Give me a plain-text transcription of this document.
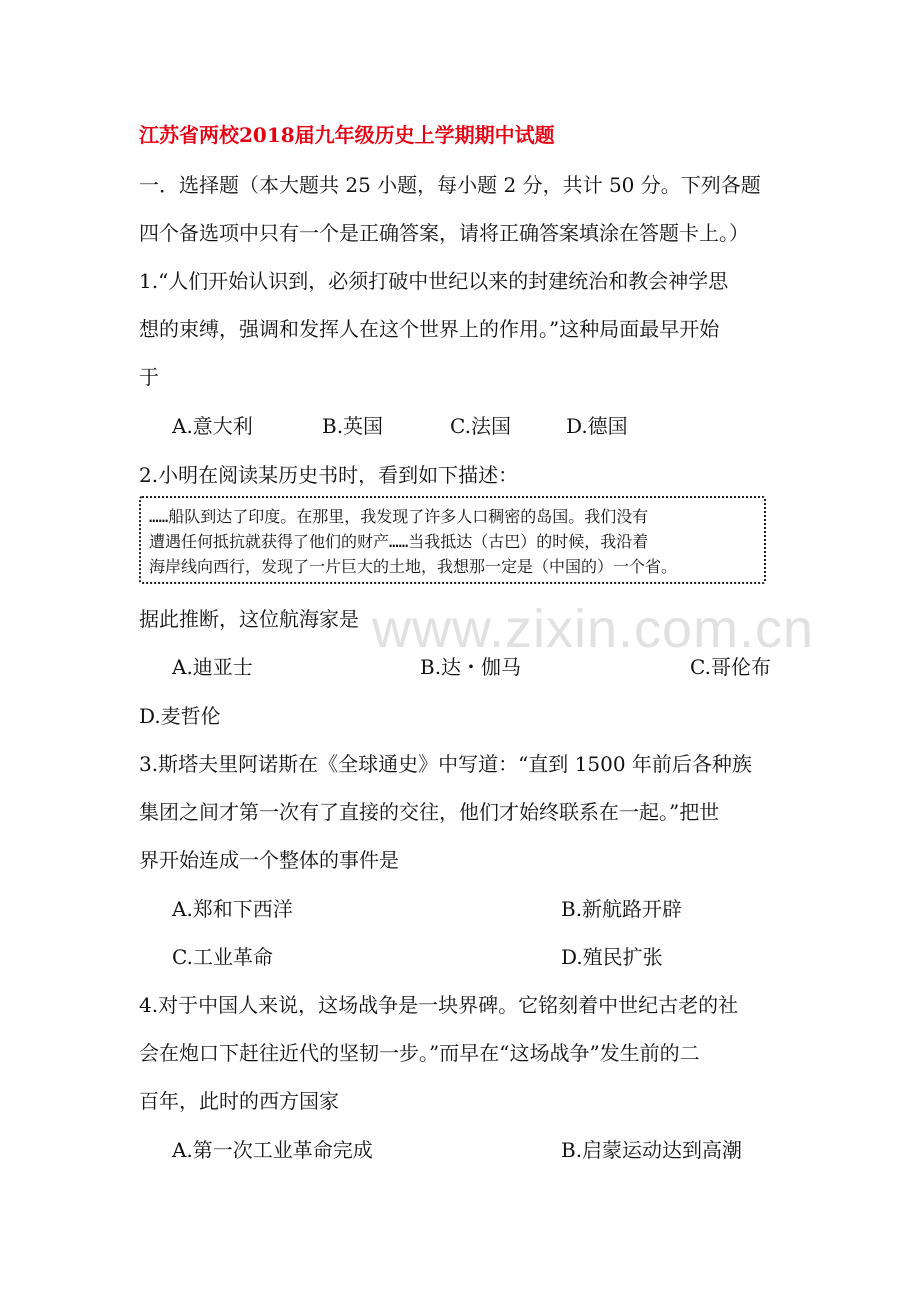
江苏省两校2018届九年级历史上学期期中试题
一．选择题（本大题共 25 小题，每小题 2 分，共计 50 分。下列各题
四个备选项中只有一个是正确答案，请将正确答案填涂在答题卡上。）
1.“人们开始认识到，必须打破中世纪以来的封建统治和教会神学思
想的束缚，强调和发挥人在这个世界上的作用。”这种局面最早开始
于
A.意大利	B.英国	C.法国	D.德国
2.小明在阅读某历史书时，看到如下描述：
……船队到达了印度。在那里，我发现了许多人口稠密的岛国。我们没有
遭遇任何抵抗就获得了他们的财产……当我抵达（古巴）的时候，我沿着
海岸线向西行，发现了一片巨大的土地，我想那一定是（中国的）一个省。
据此推断，这位航海家是
A.迪亚士	B.达・伽马	C.哥伦布
D.麦哲伦
3.斯塔夫里阿诺斯在《全球通史》中写道：“直到 1500 年前后各种族
集团之间才第一次有了直接的交往，他们才始终联系在一起。”把世
界开始连成一个整体的事件是
A.郑和下西洋	B.新航路开辟
C.工业革命	D.殖民扩张
4.对于中国人来说，这场战争是一块界碑。它铭刻着中世纪古老的社
会在炮口下赶往近代的坚韧一步。”而早在“这场战争”发生前的二
百年，此时的西方国家
A.第一次工业革命完成	B.启蒙运动达到高潮
www.zixin.com.cn
